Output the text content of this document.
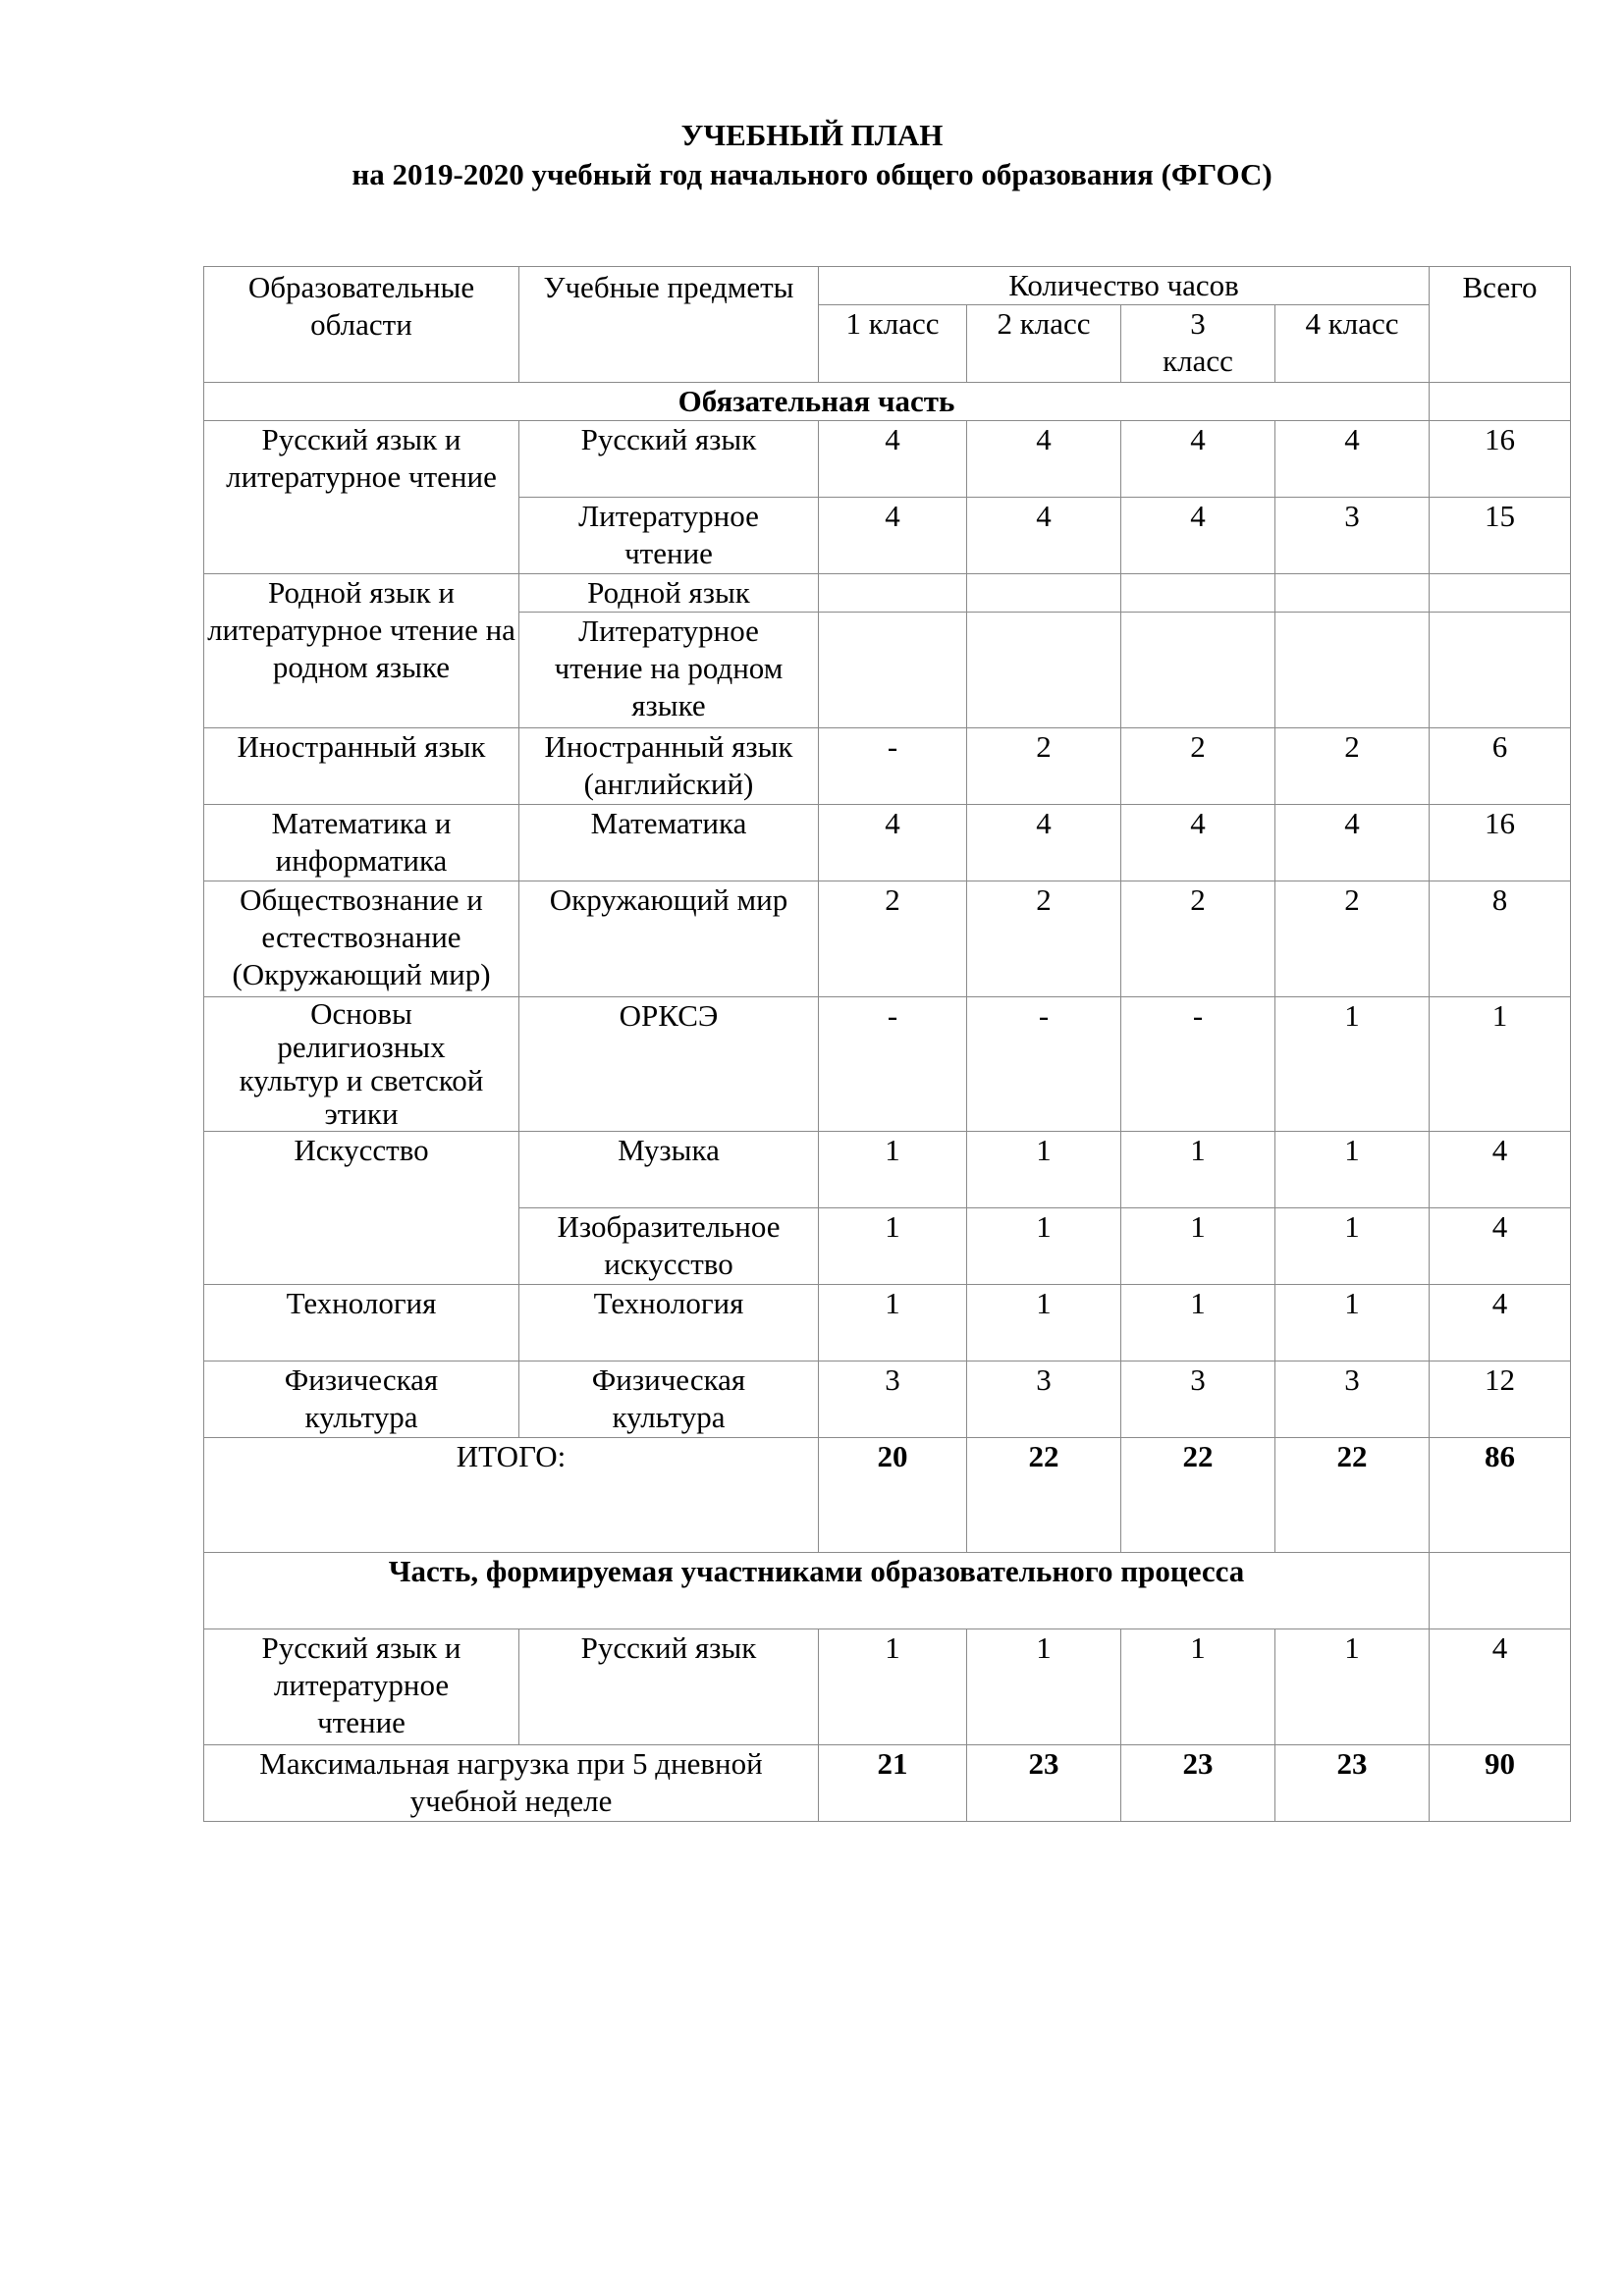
УЧЕБНЫЙ ПЛАН
на 2019-2020 учебный год начального общего образования (ФГОС)
Образовательные области	Учебные предметы	Количество часов				Всего
		1 класс	2 класс	3 класс	4 класс	
Обязательная часть						
Русский язык и литературное чтение	Русский язык	4	4	4	4	16
	Литературное чтение	4	4	4	3	15
Родной язык и литературное чтение на родном языке	Родной язык					
	Литературное чтение на родном языке					
Иностранный язык	Иностранный язык (английский)	-	2	2	2	6
Математика и информатика	Математика	4	4	4	4	16
Обществознание и естествознание (Окружающий мир)	Окружающий мир	2	2	2	2	8
Основы религиозных культур и светской этики	ОРКСЭ	-	-	-	1	1
Искусство	Музыка	1	1	1	1	4
	Изобразительное искусство	1	1	1	1	4
Технология	Технология	1	1	1	1	4
Физическая культура	Физическая культура	3	3	3	3	12
ИТОГО:		20	22	22	22	86
Часть, формируемая участниками образовательного процесса						
Русский язык и литературное чтение	Русский язык	1	1	1	1	4
Максимальная нагрузка при 5 дневной учебной неделе		21	23	23	23	90
